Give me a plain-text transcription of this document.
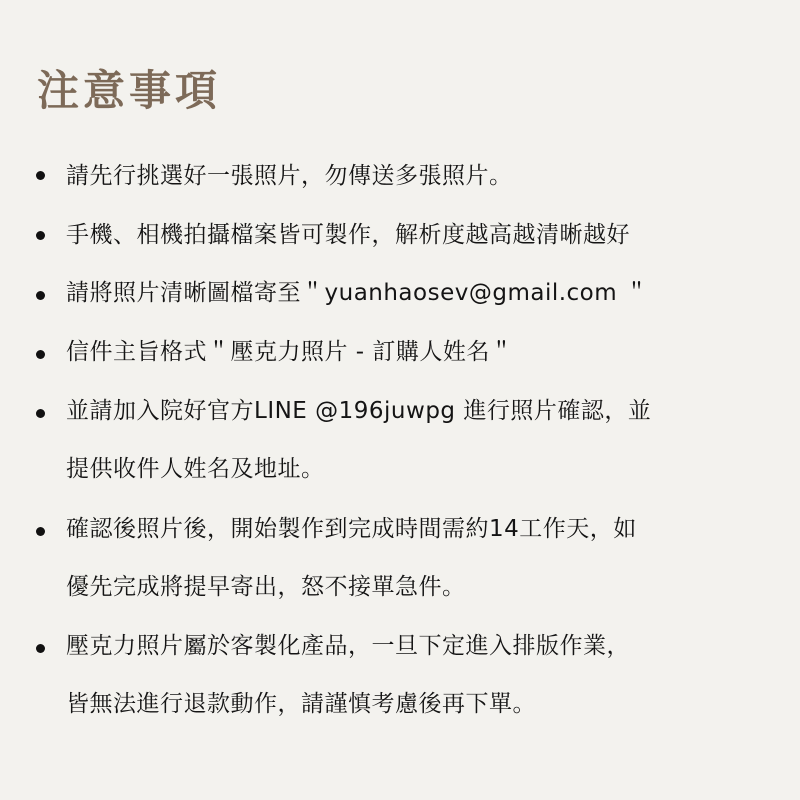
注意事項
請先行挑選好一張照片，勿傳送多張照片。
手機、相機拍攝檔案皆可製作，解析度越高越清晰越好
請將照片清晰圖檔寄至＂yuanhaosev@gmail.com ＂
信件主旨格式＂壓克力照片 - 訂購人姓名＂
並請加入院好官方LINE @196juwpg 進行照片確認，並
提供收件人姓名及地址。
確認後照片後，開始製作到完成時間需約14工作天，如
優先完成將提早寄出，怒不接單急件。
壓克力照片屬於客製化產品，一旦下定進入排版作業，
皆無法進行退款動作，請謹慎考慮後再下單。
